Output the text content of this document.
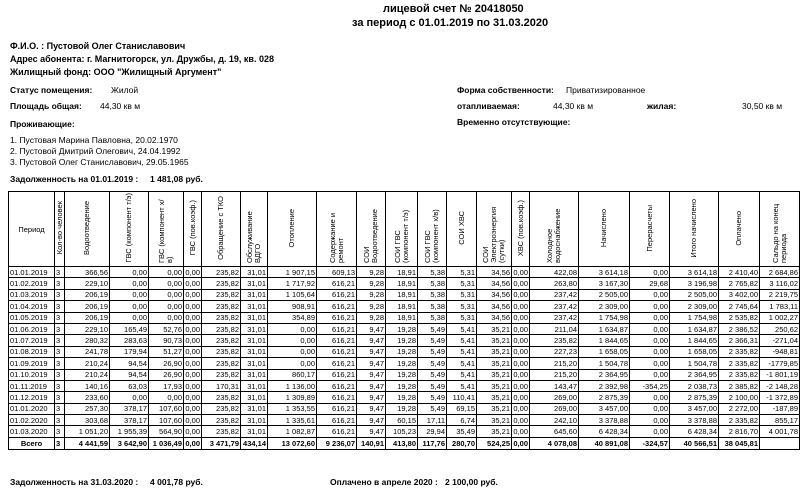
лицевой счет № 20418050
за период с 01.01.2019 по 31.03.2020
Ф.И.О. : Пустовой Олег Станиславович
Адрес абонента: г. Магнитогорск, ул. Дружбы, д. 19, кв. 028
Жилищный фонд: ООО "Жилищный Аргумент"
Статус помещения: Жилой
Площадь общая: 44,30 кв м
Форма собственности: Приватизированное
отапливаемая:	44,30 кв м	жилая:	30,50 кв м
Временно отсутствующие:
Проживающие:
1. Пустовая Марина Павловна, 20.02.1970
2. Пустовой Дмитрий Олегович, 24.04.1992
3. Пустовой Олег Станиславович, 29.05.1965
Задолженность на 01.01.2019 : 1 481,08 руб.
Период	Кол-во человек	Водоотведение	ГВС (компонент т/э)	ГВС (компонент х/в)	ГВС (пов.коэф.)	Обращение с ТКО	Обслуживание ВДГО	Отопление	Содержание и ремонт	СОИ Водоотведение	СОИ ГВС (компонент т/э)	СОИ ГВС (компонент х/в)	СОИ ХВС	СОИ Электроэнергия (сутки)	ХВС (пов.коэф.)	Холодное водоснабжение	Начислено	Перерасчеты	Итого начислено	Оплачено	Сальдо на конец периода
01.01.2019	3	366,56	0,00	0,00	0,00	235,82	31,01	1 907,15	609,13	9,28	18,91	5,38	5,31	34,56	0,00	422,08	3 614,18	0,00	3 614,18	2 410,40	2 684,86
01.02.2019	3	229,10	0,00	0,00	0,00	235,82	31,01	1 717,92	616,21	9,28	18,91	5,38	5,31	34,56	0,00	263,80	3 167,30	29,68	3 196,98	2 765,82	3 116,02
01.03.2019	3	206,19	0,00	0,00	0,00	235,82	31,01	1 105,64	616,21	9,28	18,91	5,38	5,31	34,56	0,00	237,42	2 505,00	0,00	2 505,00	3 402,00	2 219,75
01.04.2019	3	206,19	0,00	0,00	0,00	235,82	31,01	908,91	616,21	9,28	18,91	5,38	5,31	34,56	0,00	237,42	2 309,00	0,00	2 309,00	2 745,64	1 783,11
01.05.2019	3	206,19	0,00	0,00	0,00	235,82	31,01	354,89	616,21	9,28	18,91	5,38	5,31	34,56	0,00	237,42	1 754,98	0,00	1 754,98	2 535,82	1 002,27
01.06.2019	3	229,10	165,49	52,76	0,00	235,82	31,01	0,00	616,21	9,47	19,28	5,49	5,41	35,21	0,00	211,04	1 634,87	0,00	1 634,87	2 386,52	250,62
01.07.2019	3	280,32	283,63	90,73	0,00	235,82	31,01	0,00	616,21	9,47	19,28	5,49	5,41	35,21	0,00	235,82	1 844,65	0,00	1 844,65	2 366,31	-271,04
01.08.2019	3	241,78	179,94	51,27	0,00	235,82	31,01	0,00	616,21	9,47	19,28	5,49	5,41	35,21	0,00	227,23	1 658,05	0,00	1 658,05	2 335,82	-948,81
01.09.2019	3	210,24	94,54	26,90	0,00	235,82	31,01	0,00	616,21	9,47	19,28	5,49	5,41	35,21	0,00	215,20	1 504,78	0,00	1 504,78	2 335,82	-1779,85
01.10.2019	3	210,24	94,54	26,90	0,00	235,82	31,01	860,17	616,21	9,47	19,28	5,49	5,41	35,21	0,00	215,20	2 364,95	0,00	2 364,95	2 335,82	-1 801,19
01.11.2019	3	140,16	63,03	17,93	0,00	170,31	31,01	1 136,00	616,21	9,47	19,28	5,49	5,41	35,21	0,00	143,47	2 392,98	-354,25	2 038,73	2 385,82	-2 148,28
01.12.2019	3	233,60	0,00	0,00	0,00	235,82	31,01	1 309,89	616,21	9,47	19,28	5,49	110,41	35,21	0,00	269,00	2 875,39	0,00	2 875,39	2 100,00	-1 372,89
01.01.2020	3	257,30	378,17	107,60	0,00	235,82	31,01	1 353,55	616,21	9,47	19,28	5,49	69,15	35,21	0,00	269,00	3 457,00	0,00	3 457,00	2 272,00	-187,89
01.02.2020	3	303,68	378,17	107,60	0,00	235,82	31,01	1 335,61	616,21	9,47	60,15	17,11	6,74	35,21	0,00	242,10	3 378,88	0,00	3 378,88	2 335,82	855,17
01.03.2020	3	1 051,20	1 955,39	564,90	0,00	235,82	31,01	1 082,87	616,21	9,47	105,23	29,94	35,49	35,21	0,00	645,60	6 428,34	0,00	6 428,34	2 816,70	4 001,78
Всего	3	4 441,59	3 642,90	1 036,49	0,00	3 471,79	434,14	13 072,60	9 236,07	140,91	413,80	117,76	280,70	524,25	0,00	4 078,08	40 891,08	-324,57	40 566,51	38 045,81	
Задолженность на 31.03.2020 : 4 001,78 руб.	Оплачено в апреле 2020 : 2 100,00 руб.
